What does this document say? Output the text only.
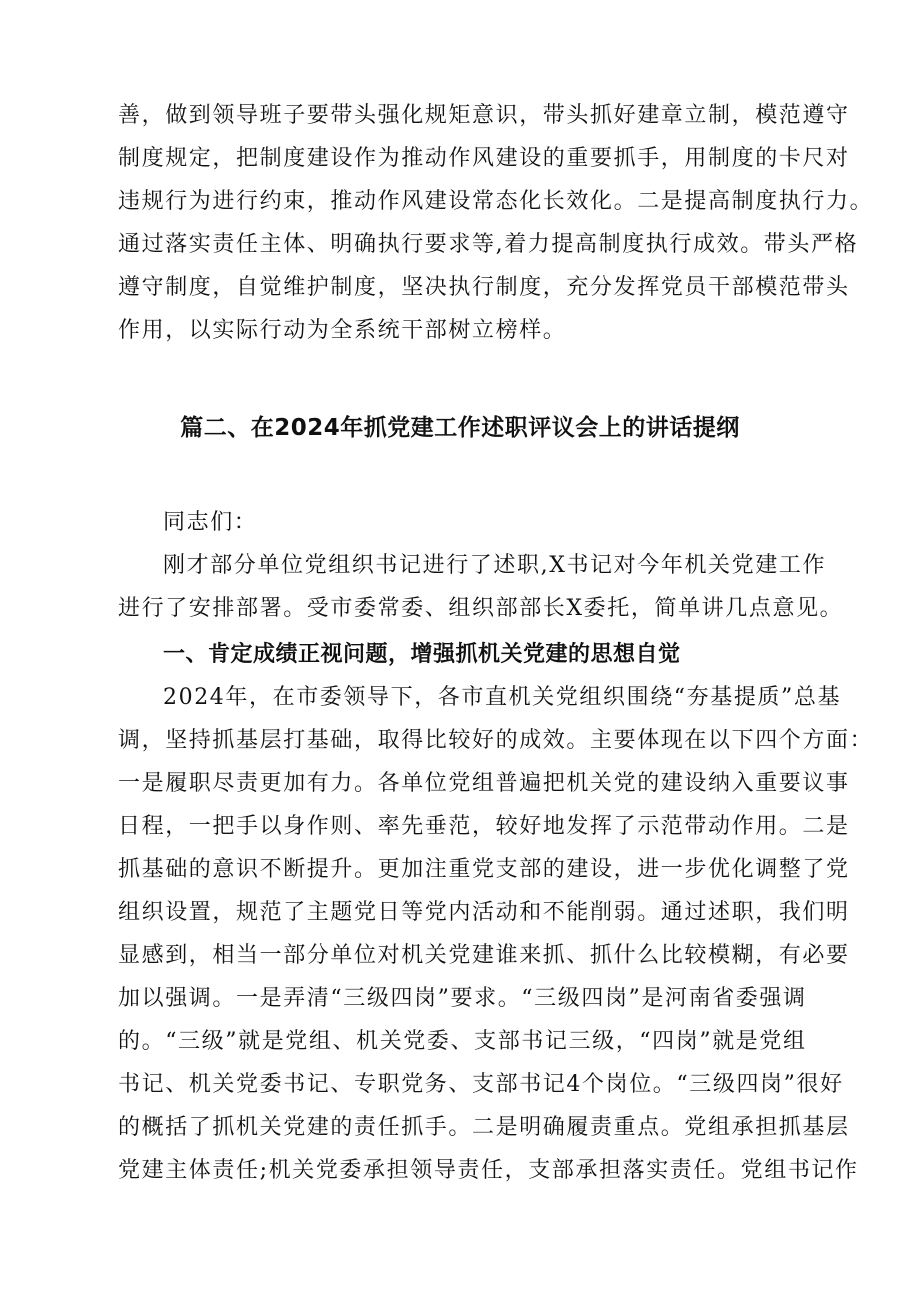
善，做到领导班子要带头强化规矩意识，带头抓好建章立制，模范遵守
制度规定，把制度建设作为推动作风建设的重要抓手，用制度的卡尺对
违规行为进行约束，推动作风建设常态化长效化。二是提高制度执行力。
通过落实责任主体、明确执行要求等,着力提高制度执行成效。带头严格
遵守制度，自觉维护制度，坚决执行制度，充分发挥党员干部模范带头
作用，以实际行动为全系统干部树立榜样。
篇二、在2024年抓党建工作述职评议会上的讲话提纲
同志们：
刚才部分单位党组织书记进行了述职,X书记对今年机关党建工作
进行了安排部署。受市委常委、组织部部长X委托，简单讲几点意见。
一、肯定成绩正视问题，增强抓机关党建的思想自觉
2024年，在市委领导下，各市直机关党组织围绕“夯基提质”总基
调，坚持抓基层打基础，取得比较好的成效。主要体现在以下四个方面：
一是履职尽责更加有力。各单位党组普遍把机关党的建设纳入重要议事
日程，一把手以身作则、率先垂范，较好地发挥了示范带动作用。二是
抓基础的意识不断提升。更加注重党支部的建设，进一步优化调整了党
组织设置，规范了主题党日等党内活动和不能削弱。通过述职，我们明
显感到，相当一部分单位对机关党建谁来抓、抓什么比较模糊，有必要
加以强调。一是弄清“三级四岗”要求。“三级四岗”是河南省委强调
的。“三级”就是党组、机关党委、支部书记三级，“四岗”就是党组
书记、机关党委书记、专职党务、支部书记4个岗位。“三级四岗”很好
的概括了抓机关党建的责任抓手。二是明确履责重点。党组承担抓基层
党建主体责任;机关党委承担领导责任，支部承担落实责任。党组书记作
